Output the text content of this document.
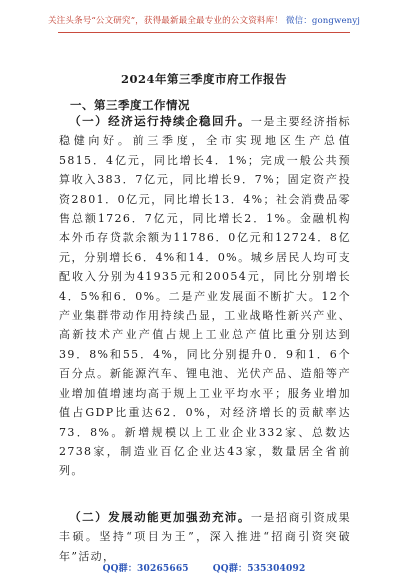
关注头条号“公文研究”，获得最新最全最专业的公文资料库！ 微信：gongwenyj
2024年第三季度市府工作报告
一、第三季度工作情况

（一）经济运行持续企稳回升。一是主要经济指标稳健向好。前三季度，全市实现地区生产总值5815．4亿元，同比增长4．1%；完成一般公共预算收入383．7亿元，同比增长9．7%；固定资产投资2801．0亿元，同比增长13．4%；社会消费品零售总额1726．7亿元，同比增长2．1%。金融机构本外币存贷款余额为11786．0亿元和12724．8亿元，分别增长6．4%和14．0%。城乡居民人均可支配收入分别为41935元和20054元，同比分别增长4．5%和6．0%。二是产业发展面不断扩大。12个产业集群带动作用持续凸显，工业战略性新兴产业、高新技术产业产值占规上工业总产值比重分别达到39．8%和55．4%，同比分别提升0．9和1．6个百分点。新能源汽车、锂电池、光伏产品、造船等产业增加值增速均高于规上工业平均水平；服务业增加值占GDP比重达62．0%，对经济增长的贡献率达73．8%。新增规模以上工业企业332家、总数达2738家，制造业百亿企业达43家，数量居全省前列。

（二）发展动能更加强劲充沛。一是招商引资成果丰硕。坚持“项目为王”，深入推进“招商引资突破年”活动，

QQ群：30265665	QQ群：535304092
